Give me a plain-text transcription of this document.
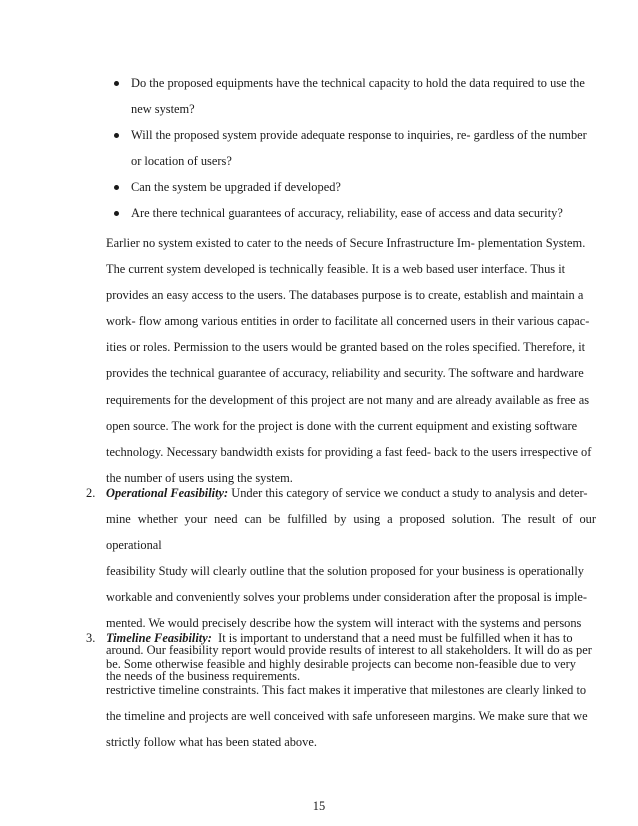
Do the proposed equipments have the technical capacity to hold the data required to use the
new system?
Will the proposed system provide adequate response to inquiries, re- gardless of the number
or location of users?
Can the system be upgraded if developed?
Are there technical guarantees of accuracy, reliability, ease of access and data security?

Earlier no system existed to cater to the needs of Secure Infrastructure Im- plementation System.
The current system developed is technically feasible. It is a web based user interface. Thus it
provides an easy access to the users. The databases purpose is to create, establish and maintain a
work- flow among various entities in order to facilitate all concerned users in their various capac-
ities or roles. Permission to the users would be granted based on the roles specified. Therefore, it
provides the technical guarantee of accuracy, reliability and security. The software and hardware
requirements for the development of this project are not many and are already available as free as
open source. The work for the project is done with the current equipment and existing software
technology. Necessary bandwidth exists for providing a fast feed- back to the users irrespective of
the number of users using the system.

2. Operational Feasibility: Under this category of service we conduct a study to analysis and deter-
mine whether your need can be fulfilled by using a proposed solution. The result of our operational
feasibility Study will clearly outline that the solution proposed for your business is operationally
workable and conveniently solves your problems under consideration after the proposal is imple-
mented. We would precisely describe how the system will interact with the systems and persons
around. Our feasibility report would provide results of interest to all stakeholders. It will do as per
the needs of the business requirements.
3. Timeline Feasibility:  It is important to understand that a need must be fulfilled when it has to
be. Some otherwise feasible and highly desirable projects can become non-feasible due to very
restrictive timeline constraints. This fact makes it imperative that milestones are clearly linked to
the timeline and projects are well conceived with safe unforeseen margins. We make sure that we
strictly follow what has been stated above.
15
